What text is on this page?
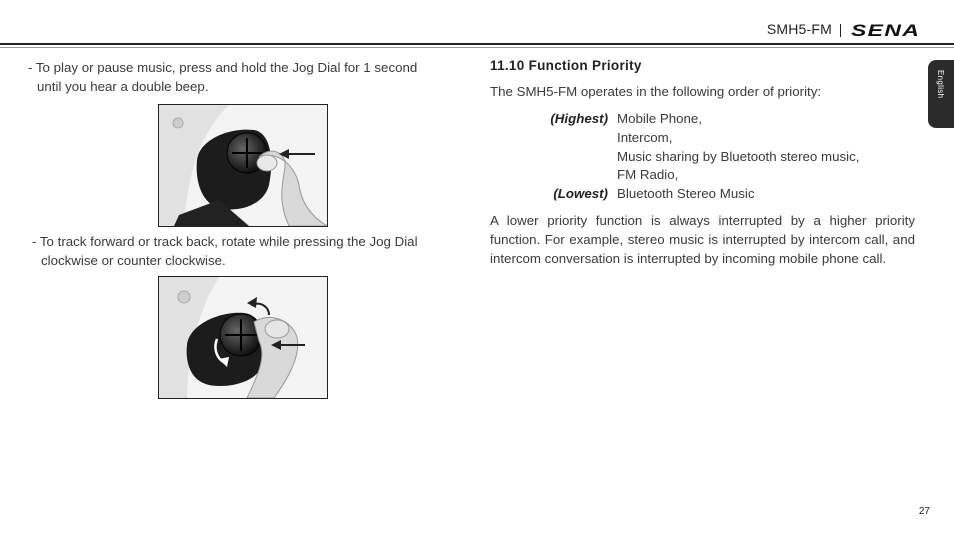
SMH5-FM SENA
English
- To play or pause music, press and hold the Jog Dial for 1 second
until you hear a double beep.
- To track forward or track back, rotate while pressing the Jog Dial
clockwise or counter clockwise.
11.10 Function Priority
The SMH5-FM operates in the following order of priority:
(Highest)
(Lowest)
Mobile Phone,
Intercom,
Music sharing by Bluetooth stereo music,
FM Radio,
Bluetooth Stereo Music
A lower priority function is always interrupted by a higher priority function. For example, stereo music is interrupted by intercom call, and intercom conversation is interrupted by incoming mobile phone call.
27
